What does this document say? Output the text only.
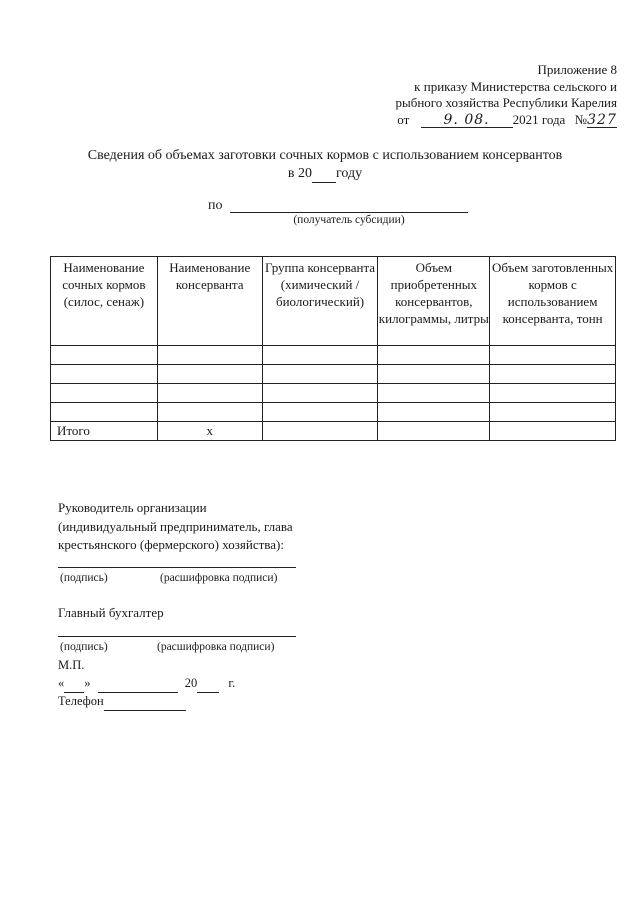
Приложение 8
к приказу Министерства сельского и
рыбного хозяйства Республики Карелия
от 9. 08. 2021 года №327
Сведения об объемах заготовки сочных кормов с использованием консервантов
в 20 году
по
(получатель субсидии)
Наименование сочных кормов (силос, сенаж)	Наименование консерванта	Группа консерванта (химический / биологический)	Объем приобретенных консервантов, килограммы, литры	Объем заготовленных кормов с использованием консерванта, тонн

Итого	х			
Руководитель организации
(индивидуальный предприниматель, глава
крестьянского (фермерского) хозяйства):
(подпись)	(расшифровка подписи)
Главный бухгалтер
(подпись)	(расшифровка подписи)
М.П.
« »	20 г.
Телефон
